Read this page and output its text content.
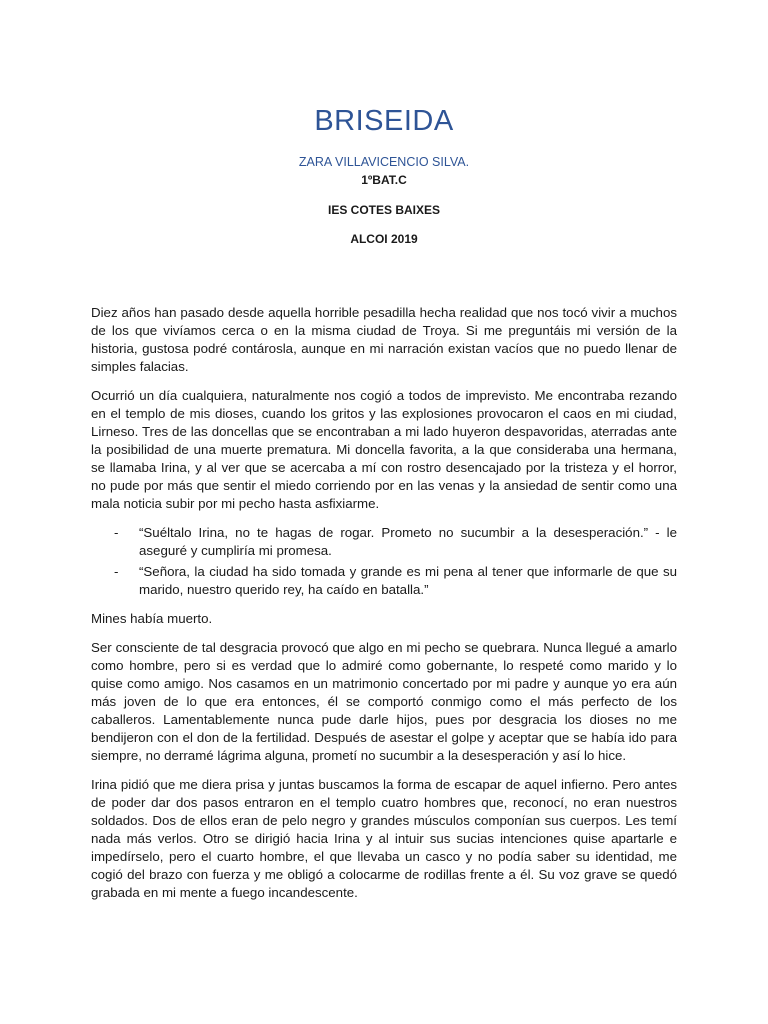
BRISEIDA
ZARA VILLAVICENCIO SILVA.
1ºBAT.C
IES COTES BAIXES
ALCOI 2019

Diez años han pasado desde aquella horrible pesadilla hecha realidad que nos tocó vivir a muchos de los que vivíamos cerca o en la misma ciudad de Troya. Si me preguntáis mi versión de la historia, gustosa podré contárosla, aunque en mi narración existan vacíos que no puedo llenar de simples falacias.

Ocurrió un día cualquiera, naturalmente nos cogió a todos de imprevisto. Me encontraba rezando en el templo de mis dioses, cuando los gritos y las explosiones provocaron el caos en mi ciudad, Lirneso. Tres de las doncellas que se encontraban a mi lado huyeron despavoridas, aterradas ante la posibilidad de una muerte prematura. Mi doncella favorita, a la que consideraba una hermana, se llamaba Irina, y al ver que se acercaba a mí con rostro desencajado por la tristeza y el horror, no pude por más que sentir el miedo corriendo por en las venas y la ansiedad de sentir como una mala noticia subir por mi pecho hasta asfixiarme.

- “Suéltalo Irina, no te hagas de rogar. Prometo no sucumbir a la desesperación.” - le aseguré y cumpliría mi promesa.
- “Señora, la ciudad ha sido tomada y grande es mi pena al tener que informarle de que su marido, nuestro querido rey, ha caído en batalla.”

Mines había muerto.

Ser consciente de tal desgracia provocó que algo en mi pecho se quebrara. Nunca llegué a amarlo como hombre, pero si es verdad que lo admiré como gobernante, lo respeté como marido y lo quise como amigo. Nos casamos en un matrimonio concertado por mi padre y aunque yo era aún más joven de lo que era entonces, él se comportó conmigo como el más perfecto de los caballeros. Lamentablemente nunca pude darle hijos, pues por desgracia los dioses no me bendijeron con el don de la fertilidad. Después de asestar el golpe y aceptar que se había ido para siempre, no derramé lágrima alguna, prometí no sucumbir a la desesperación y así lo hice.

Irina pidió que me diera prisa y juntas buscamos la forma de escapar de aquel infierno. Pero antes de poder dar dos pasos entraron en el templo cuatro hombres que, reconocí, no eran nuestros soldados. Dos de ellos eran de pelo negro y grandes músculos componían sus cuerpos. Les temí nada más verlos. Otro se dirigió hacia Irina y al intuir sus sucias intenciones quise apartarle e impedírselo, pero el cuarto hombre, el que llevaba un casco y no podía saber su identidad, me cogió del brazo con fuerza y me obligó a colocarme de rodillas frente a él. Su voz grave se quedó grabada en mi mente a fuego incandescente.
